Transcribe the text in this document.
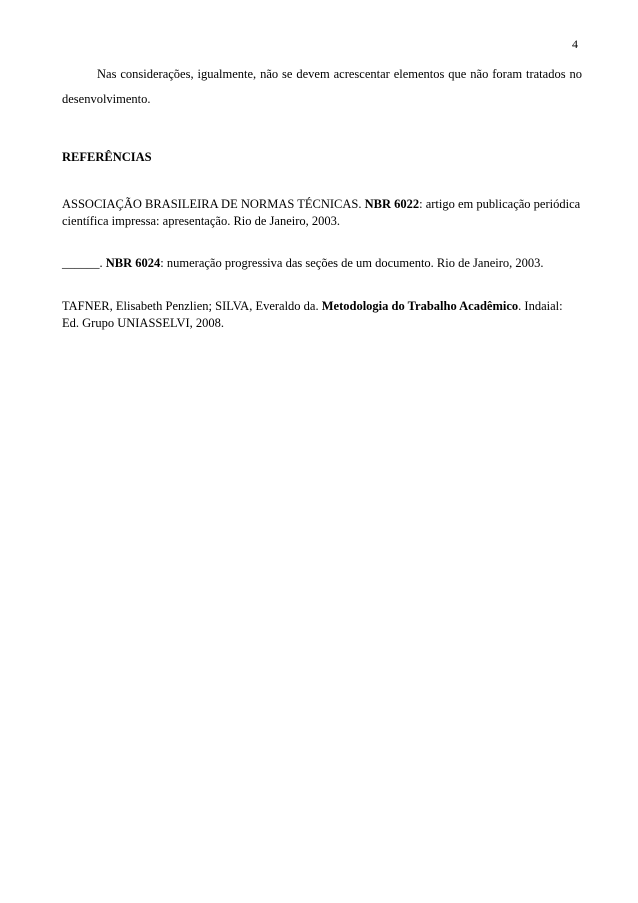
4

Nas considerações, igualmente, não se devem acrescentar elementos que não foram tratados no desenvolvimento.

REFERÊNCIAS

ASSOCIAÇÃO BRASILEIRA DE NORMAS TÉCNICAS. NBR 6022: artigo em publicação periódica científica impressa: apresentação. Rio de Janeiro, 2003.

______. NBR 6024: numeração progressiva das seções de um documento. Rio de Janeiro, 2003.

TAFNER, Elisabeth Penzlien; SILVA, Everaldo da. Metodologia do Trabalho Acadêmico. Indaial: Ed. Grupo UNIASSELVI, 2008.
